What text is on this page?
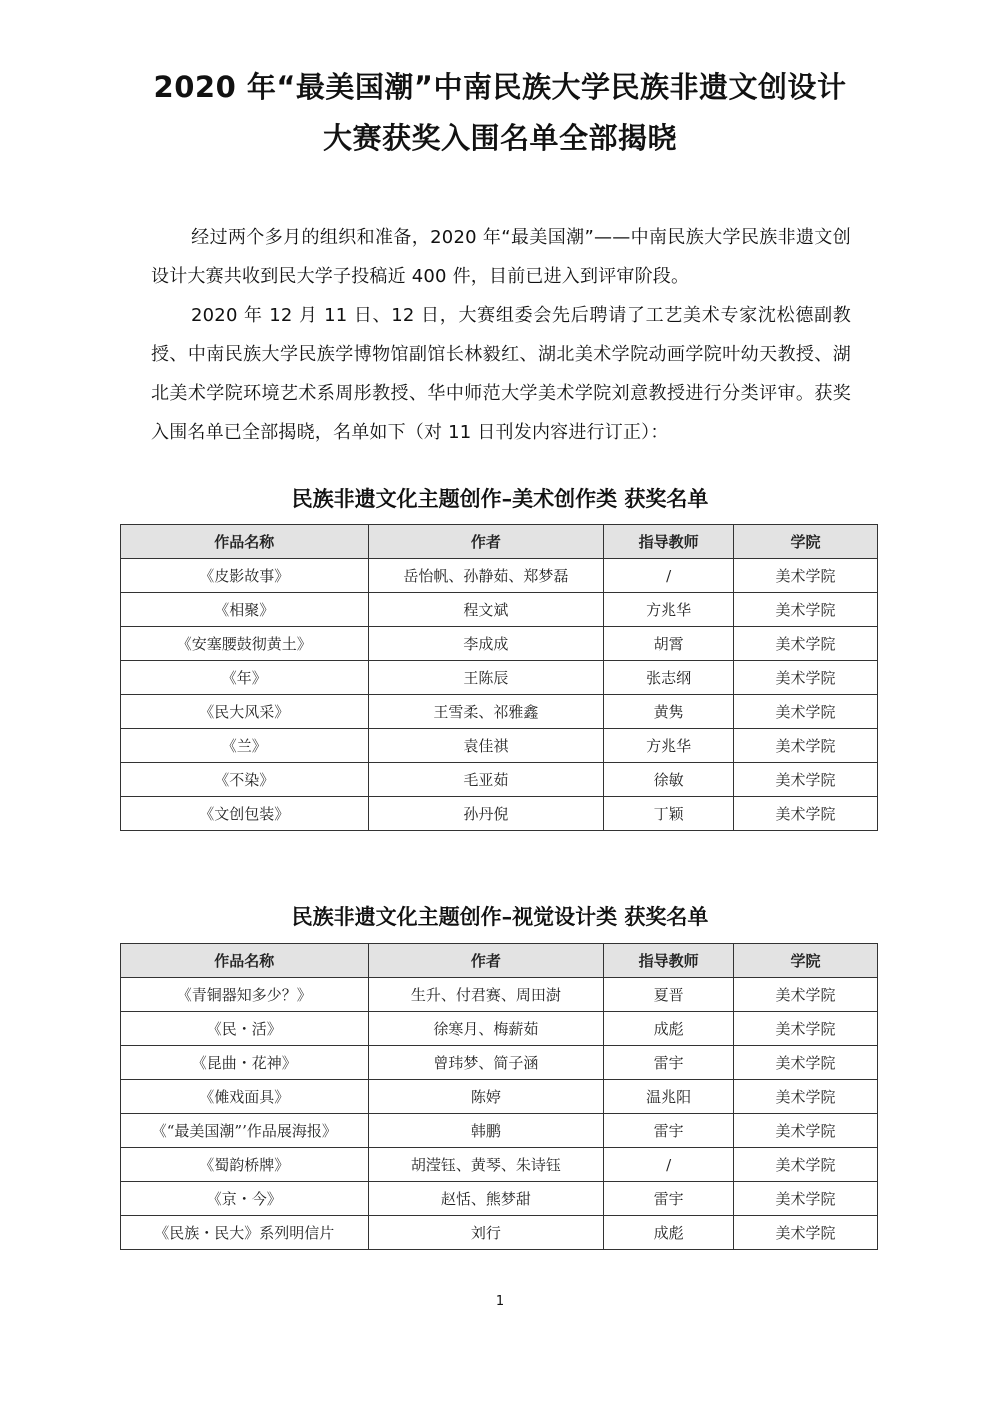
2020 年“最美国潮”中南民族大学民族非遗文创设计
大赛获奖入围名单全部揭晓
经过两个多月的组织和准备，2020 年“最美国潮”——中南民族大学民族非遗文创设计大赛共收到民大学子投稿近 400 件，目前已进入到评审阶段。
2020 年 12 月 11 日、12 日，大赛组委会先后聘请了工艺美术专家沈松德副教授、中南民族大学民族学博物馆副馆长林毅红、湖北美术学院动画学院叶幼天教授、湖北美术学院环境艺术系周彤教授、华中师范大学美术学院刘意教授进行分类评审。获奖入围名单已全部揭晓，名单如下（对 11 日刊发内容进行订正）：
民族非遗文化主题创作–美术创作类 获奖名单
作品名称	作者	指导教师	学院
《皮影故事》	岳怡帆、孙静茹、郑梦磊	/	美术学院
《相聚》	程文斌	方兆华	美术学院
《安塞腰鼓彻黄土》	李成成	胡霄	美术学院
《年》	王陈辰	张志纲	美术学院
《民大风采》	王雪柔、祁雅鑫	黄隽	美术学院
《兰》	袁佳祺	方兆华	美术学院
《不染》	毛亚茹	徐敏	美术学院
《文创包装》	孙丹倪	丁颖	美术学院
民族非遗文化主题创作–视觉设计类 获奖名单
作品名称	作者	指导教师	学院
《青铜器知多少？》	生升、付君赛、周田澍	夏晋	美术学院
《民・活》	徐寒月、梅薪茹	成彪	美术学院
《昆曲・花神》	曾玮梦、简子涵	雷宇	美术学院
《傩戏面具》	陈婷	温兆阳	美术学院
《“最美国潮”’作品展海报》	韩鹏	雷宇	美术学院
《蜀韵桥牌》	胡滢钰、黄琴、朱诗钰	/	美术学院
《京・今》	赵恬、熊梦甜	雷宇	美术学院
《民族・民大》系列明信片	刘行	成彪	美术学院
1
